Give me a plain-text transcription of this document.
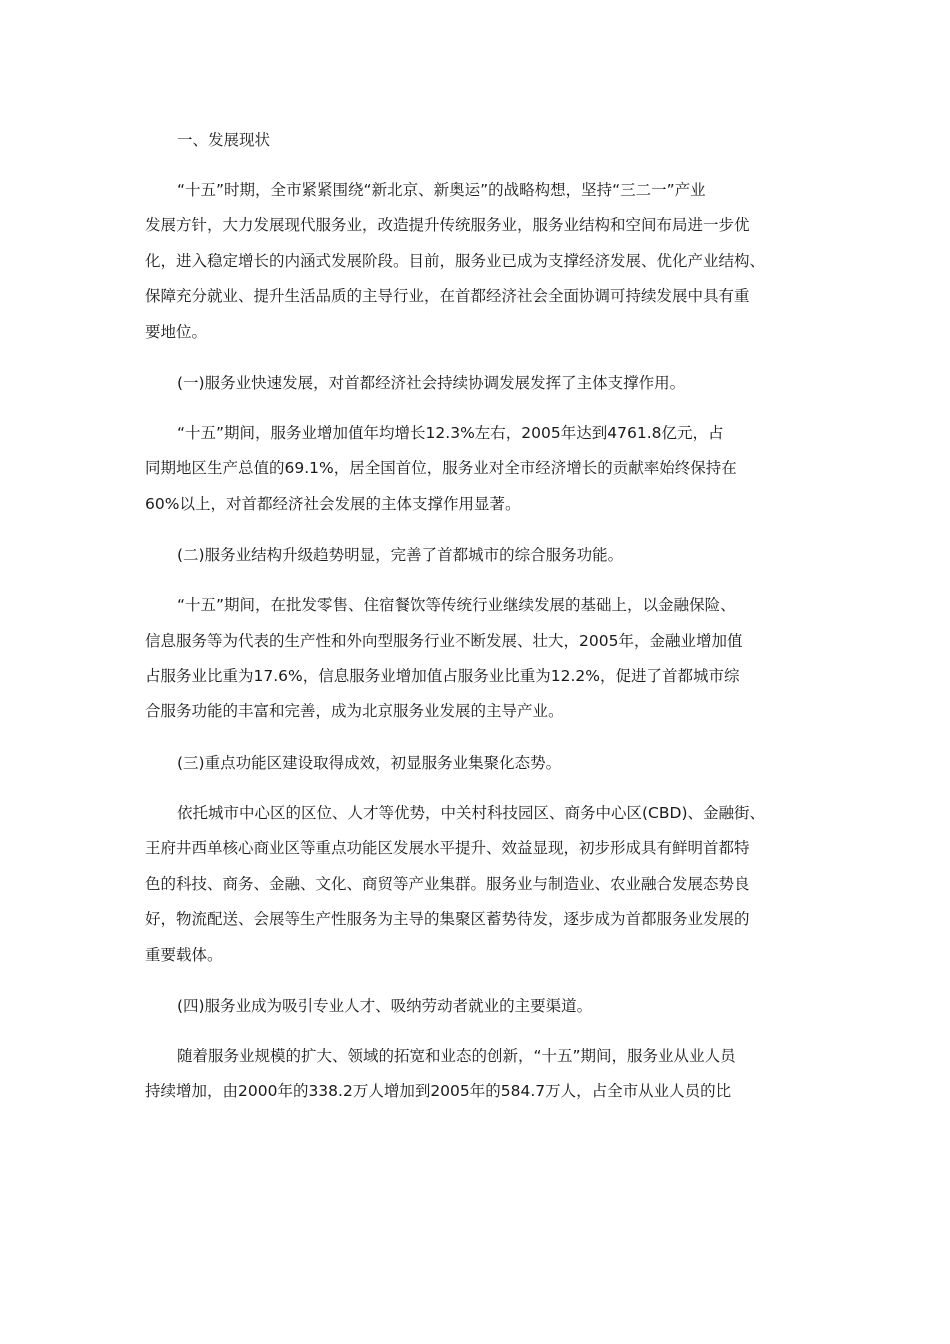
一、发展现状

“十五”时期，全市紧紧围绕“新北京、新奥运”的战略构想，坚持“三二一”产业
发展方针，大力发展现代服务业，改造提升传统服务业，服务业结构和空间布局进一步优
化，进入稳定增长的内涵式发展阶段。目前，服务业已成为支撑经济发展、优化产业结构、
保障充分就业、提升生活品质的主导行业，在首都经济社会全面协调可持续发展中具有重
要地位。

(一)服务业快速发展，对首都经济社会持续协调发展发挥了主体支撑作用。

“十五”期间，服务业增加值年均增长12.3%左右，2005年达到4761.8亿元，占
同期地区生产总值的69.1%，居全国首位，服务业对全市经济增长的贡献率始终保持在
60%以上，对首都经济社会发展的主体支撑作用显著。

(二)服务业结构升级趋势明显，完善了首都城市的综合服务功能。

“十五”期间，在批发零售、住宿餐饮等传统行业继续发展的基础上，以金融保险、
信息服务等为代表的生产性和外向型服务行业不断发展、壮大，2005年，金融业增加值
占服务业比重为17.6%，信息服务业增加值占服务业比重为12.2%，促进了首都城市综
合服务功能的丰富和完善，成为北京服务业发展的主导产业。

(三)重点功能区建设取得成效，初显服务业集聚化态势。

依托城市中心区的区位、人才等优势，中关村科技园区、商务中心区(CBD)、金融街、
王府井西单核心商业区等重点功能区发展水平提升、效益显现，初步形成具有鲜明首都特
色的科技、商务、金融、文化、商贸等产业集群。服务业与制造业、农业融合发展态势良
好，物流配送、会展等生产性服务为主导的集聚区蓄势待发，逐步成为首都服务业发展的
重要载体。

(四)服务业成为吸引专业人才、吸纳劳动者就业的主要渠道。

随着服务业规模的扩大、领域的拓宽和业态的创新，“十五”期间，服务业从业人员
持续增加，由2000年的338.2万人增加到2005年的584.7万人，占全市从业人员的比
